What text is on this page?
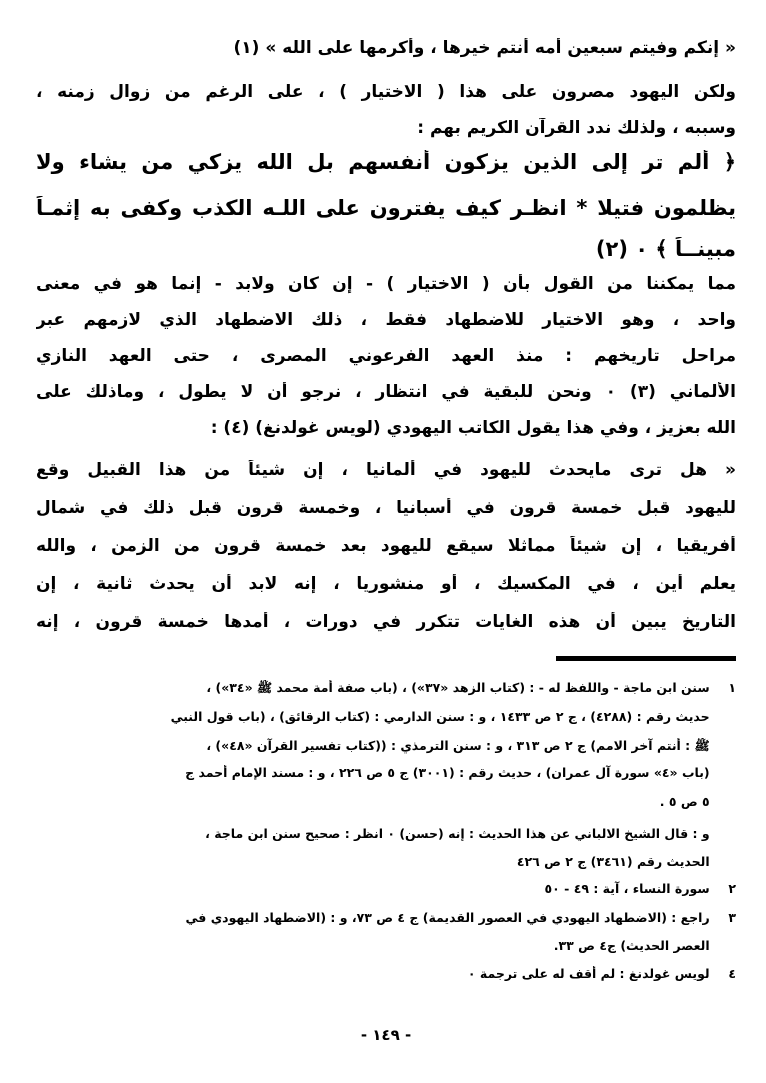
« إنكم وفيتم سبعين أمه أنتم خيرها ، وأكرمها على الله » (١)
ولكن اليهود مصرون على هذا ( الاختيار ) ، على الرغم من زوال زمنه ،
وسببه ، ولذلك ندد القرآن الكريم بهم :
﴿ ألم تر إلى الذين يزكون أنفسهم بل الله يزكي من يشاء ولا
يظلمون فتيلا * انظـر كيف يفترون على اللـه الكذب وكفى به إثمـاً
مبينــاً ﴾ ٠ (٢)
مما يمكننا من القول بأن ( الاختيار ) - إن كان ولابد - إنما هو في معنى
واحد ، وهو الاختيار للاضطهاد فقط ، ذلك الاضطهاد الذي لازمهم عبر
مراحل تاريخهم : منذ العهد الفرعوني المصرى ، حتى العهد النازي
الألماني (٣) ٠ ونحن للبقية في انتظار ، نرجو أن لا يطول ، وماذلك على
الله بعزيز ، وفي هذا يقول الكاتب اليهودي (لويس غولدنغ) (٤) :
« هل ترى مايحدث لليهود في ألمانيا ، إن شيئاً من هذا القبيل وقع
لليهود قبل خمسة قرون في أسبانيا ، وخمسة قرون قبل ذلك في شمال
أفريقيا ، إن شيئاً مماثلا سيقع لليهود بعد خمسة قرون من الزمن ، والله
يعلم أين ، في المكسيك ، أو منشوريا ، إنه لابد أن يحدث ثانية ، إن
التاريخ يبين أن هذه الغايات تتكرر في دورات ، أمدها خمسة قرون ، إنه
١ سنن ابن ماجة - واللفظ له - : (كتاب الزهد «٣٧») ، (باب صفة أمة محمد ﷺ «٣٤») ،
حديث رقم : (٤٢٨٨) ، ج ٢ ص ١٤٣٣ ، و : سنن الدارمي : (كتاب الرقائق) ، (باب قول النبي
ﷺ : أنتم آخر الامم) ج ٢ ص ٣١٣ ، و : سنن الترمذي : ((كتاب تفسير القرآن «٤٨») ،
(باب «٤» سورة آل عمران) ، حديث رقم : (٣٠٠١) ج ٥ ص ٢٢٦ ، و : مسند الإمام أحمد ج
٥ ص ٥ .
و : قال الشيخ الالباني عن هذا الحديث : إنه (حسن) ٠ انظر : صحيح سنن ابن ماجة ،
الحديث رقم (٣٤٦١) ج ٢ ص ٤٢٦
٢ سورة النساء ، آية : ٤٩ - ٥٠
٣ راجع : (الاضطهاد اليهودي في العصور القديمة) ج ٤ ص ٧٣، و : (الاضطهاد اليهودي في
العصر الحديث) ج٤ ص ٣٣.
٤ لويس غولدنغ : لم أقف له على ترجمة ٠
- ١٤٩ -
